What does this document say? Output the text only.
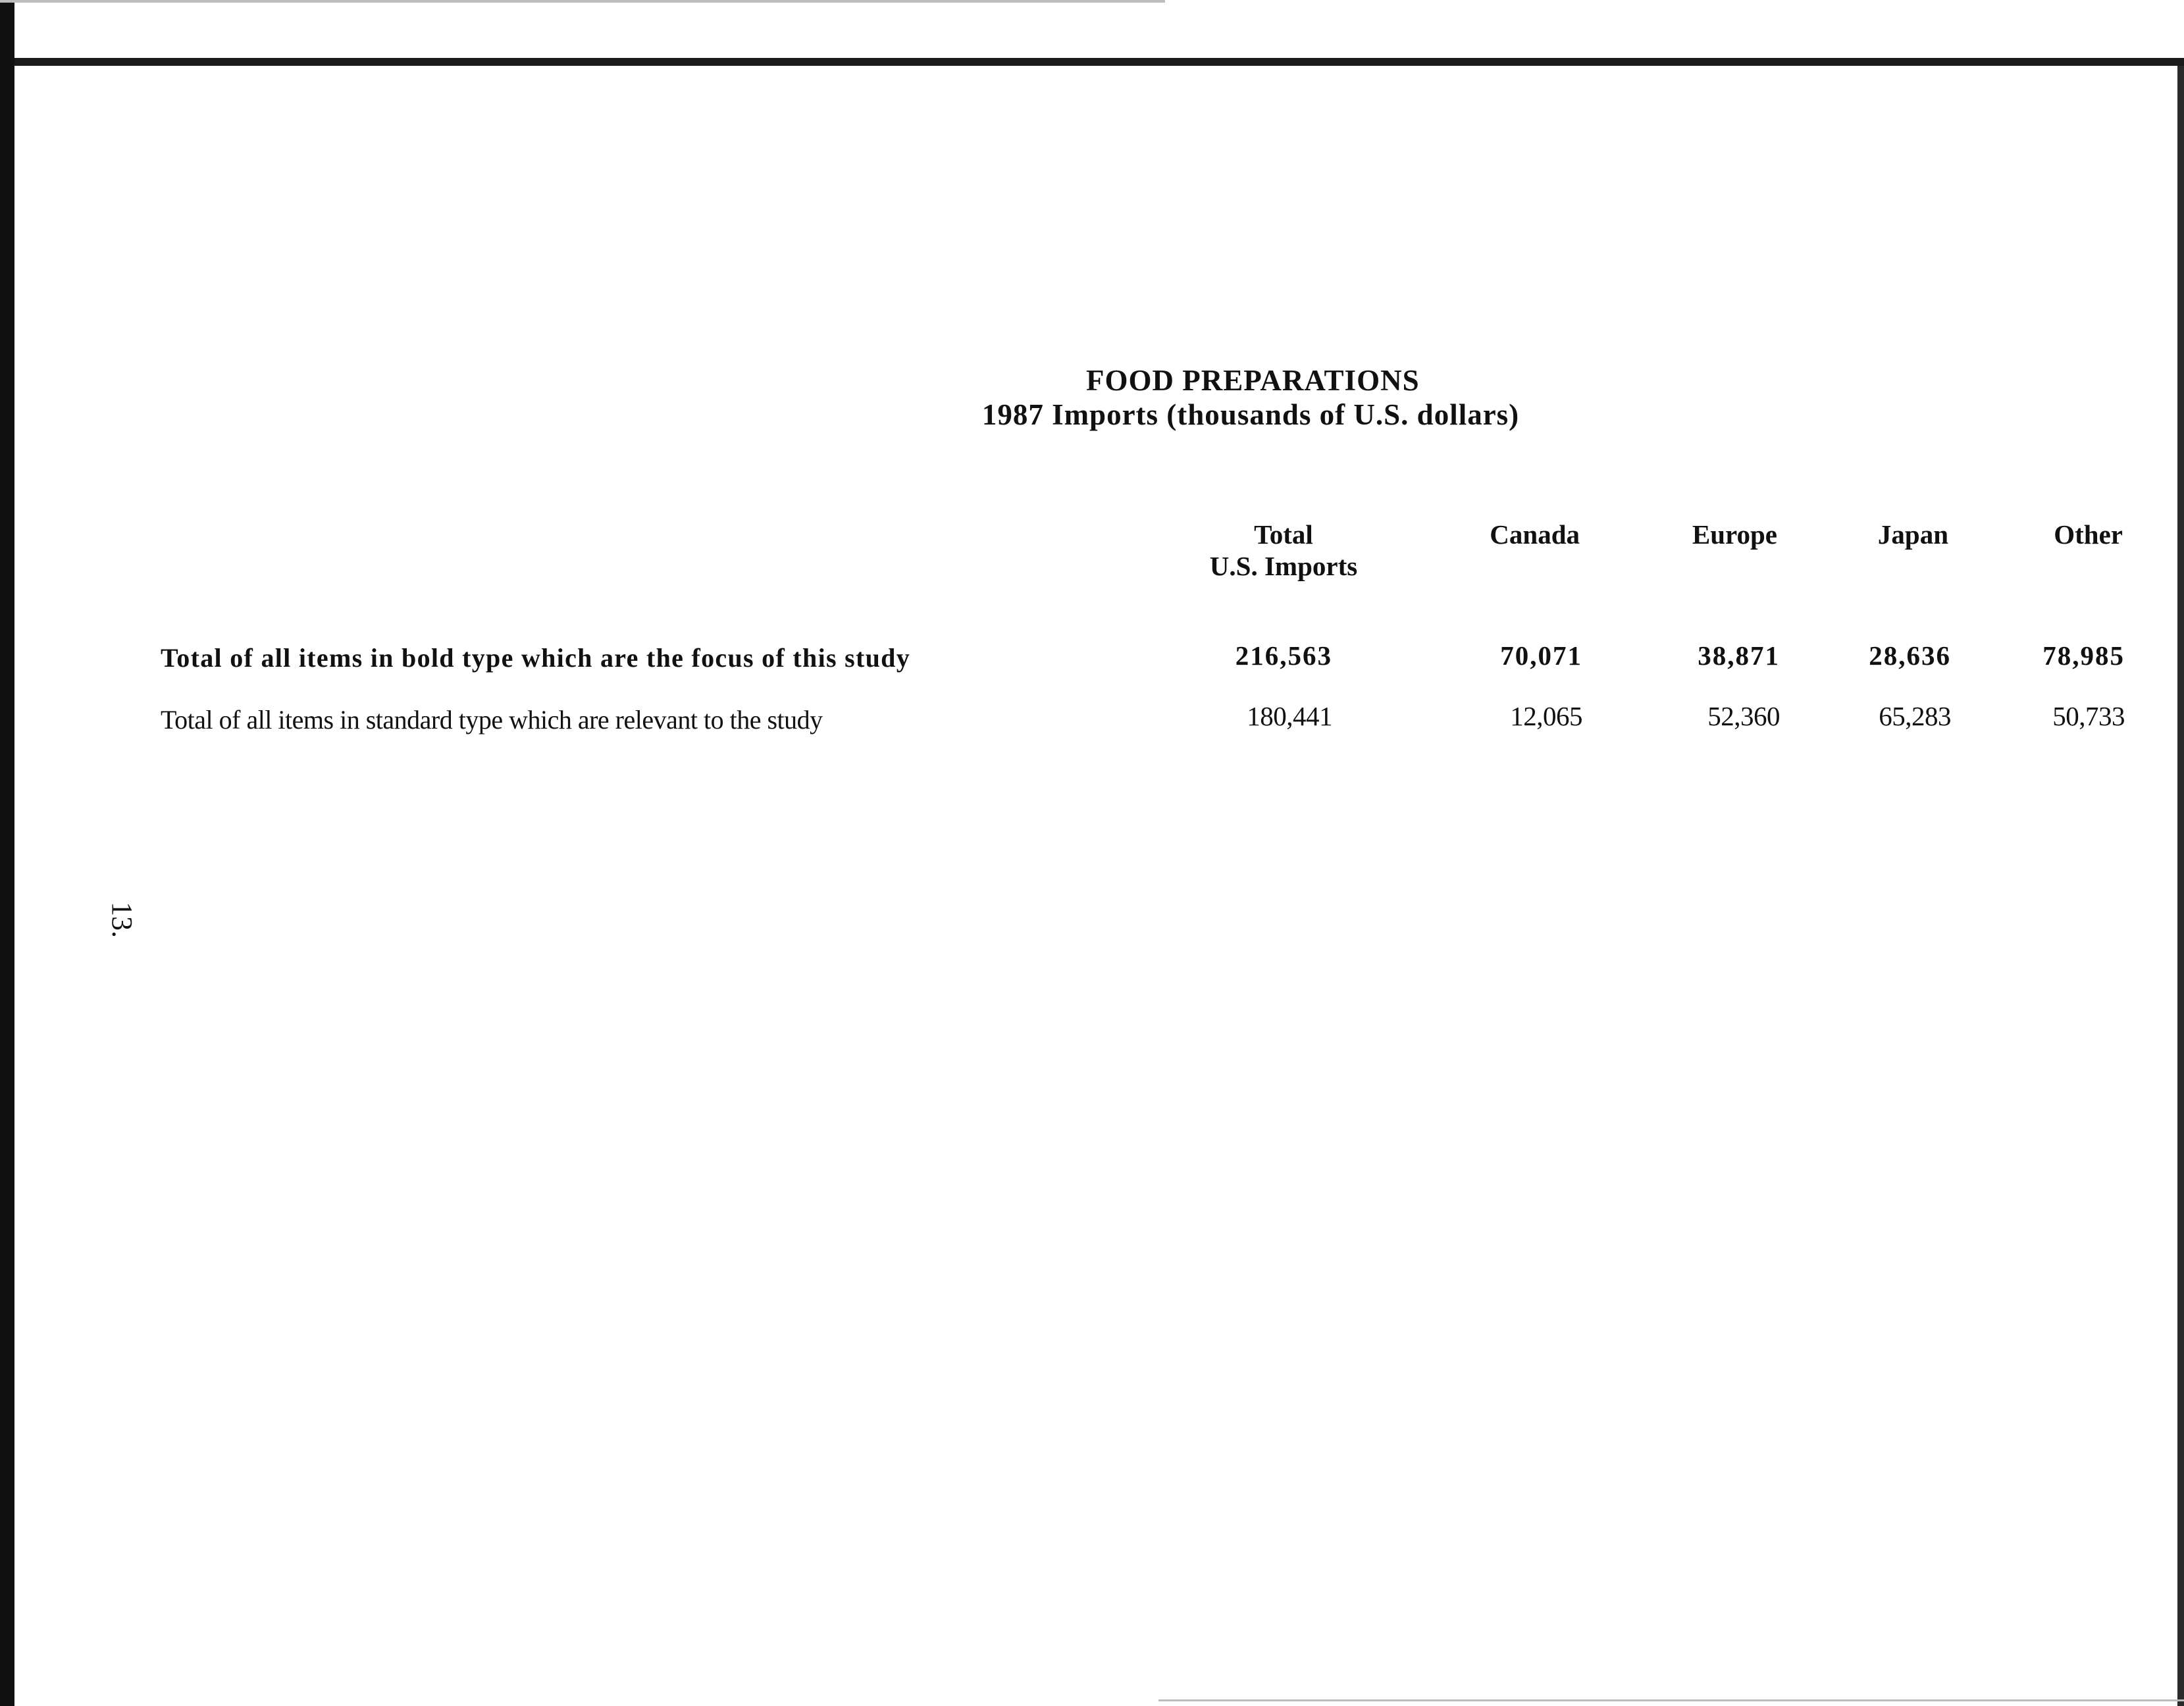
FOOD PREPARATIONS
1987 Imports (thousands of U.S. dollars)
Total
U.S. Imports
Canada	Europe	Japan	Other
Total of all items in bold type which are the focus of this study	216,563	70,071	38,871	28,636	78,985
Total of all items in standard type which are relevant to the study	180,441	12,065	52,360	65,283	50,733
13.
